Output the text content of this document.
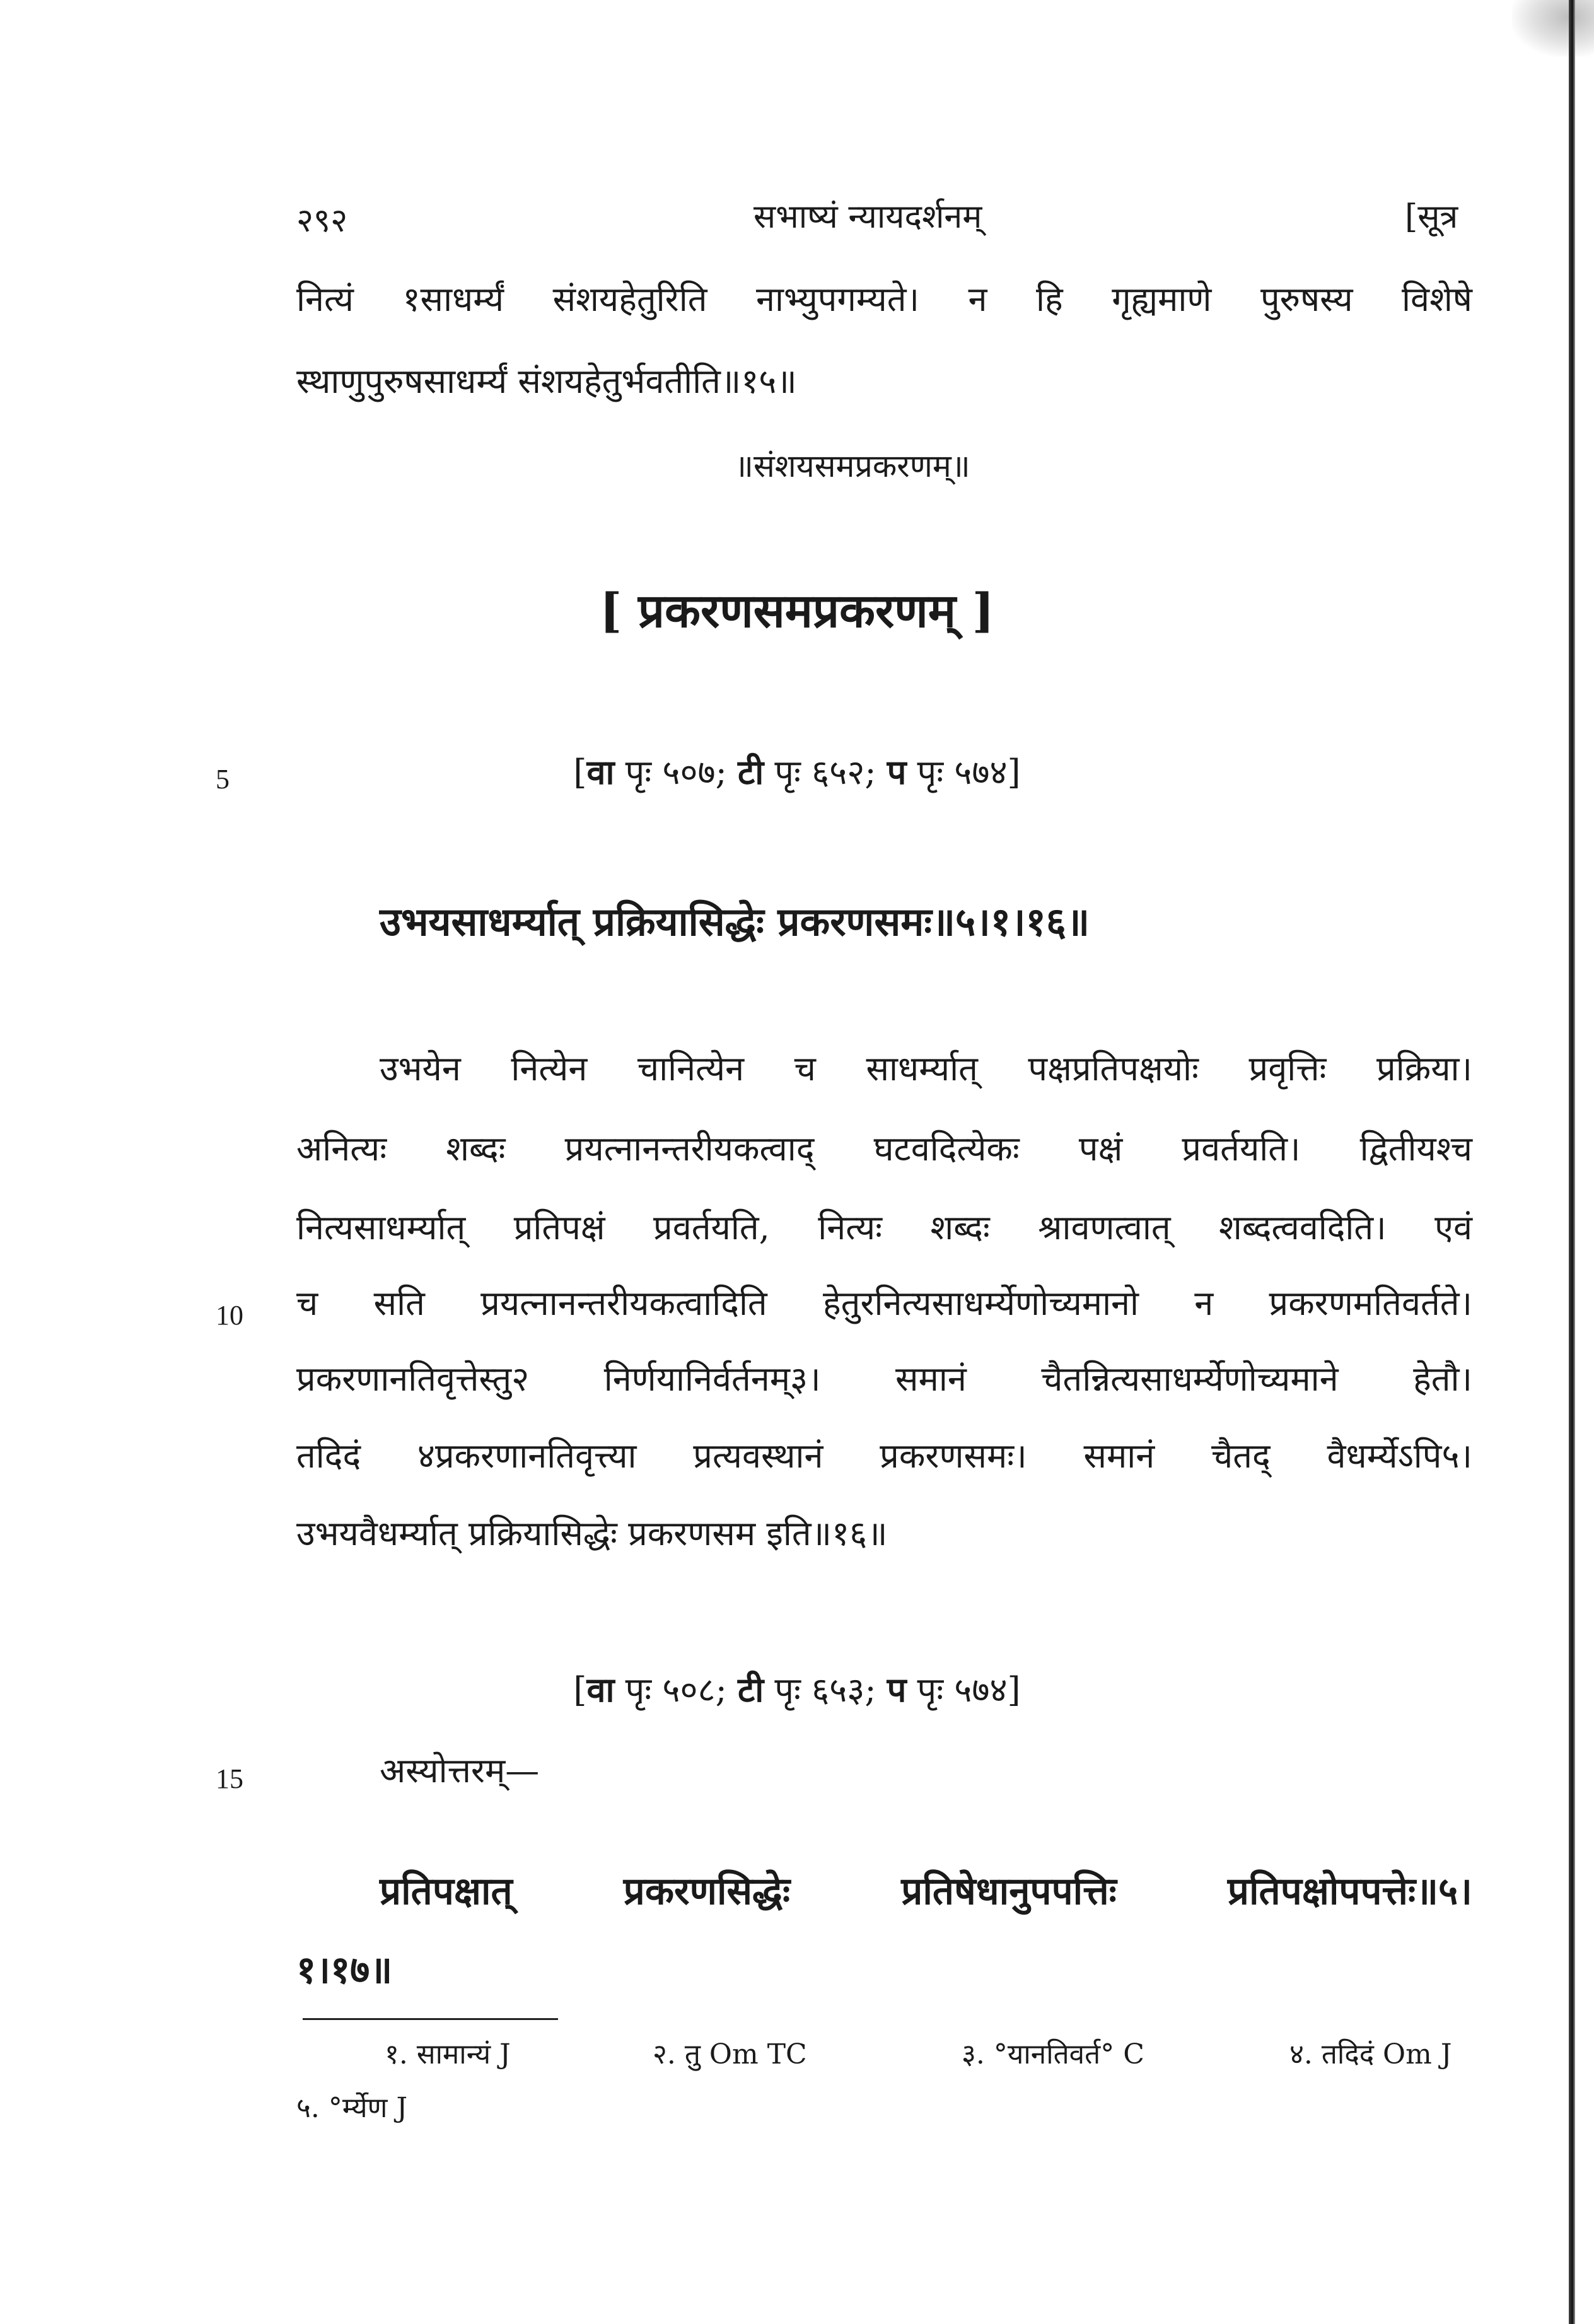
२९२	सभाष्यं न्यायदर्शनम्	[सूत्र
नित्यं १साधर्म्यं संशयहेतुरिति नाभ्युपगम्यते। न हि गृह्यमाणे पुरुषस्य विशेषे
स्थाणुपुरुषसाधर्म्यं संशयहेतुर्भवतीति॥१५॥
॥संशयसमप्रकरणम्॥
[ प्रकरणसमप्रकरणम् ]
5	[वा पृः ५०७; टी पृः ६५२; प पृः ५७४]
उभयसाधर्म्यात् प्रक्रियासिद्धेः प्रकरणसमः॥५।१।१६॥
उभयेन नित्येन चानित्येन च साधर्म्यात् पक्षप्रतिपक्षयोः प्रवृत्तिः प्रक्रिया।
अनित्यः शब्दः प्रयत्नानन्तरीयकत्वाद् घटवदित्येकः पक्षं प्रवर्तयति। द्वितीयश्च
नित्यसाधर्म्यात् प्रतिपक्षं प्रवर्तयति, नित्यः शब्दः श्रावणत्वात् शब्दत्ववदिति। एवं
10 च सति प्रयत्नानन्तरीयकत्वादिति हेतुरनित्यसाधर्म्येणोच्यमानो न प्रकरणमतिवर्तते।
प्रकरणानतिवृत्तेस्तु२ निर्णयानिर्वर्तनम्३। समानं चैतन्नित्यसाधर्म्येणोच्यमाने हेतौ।
तदिदं ४प्रकरणानतिवृत्त्या प्रत्यवस्थानं प्रकरणसमः। समानं चैतद् वैधर्म्येऽपि५।
उभयवैधर्म्यात् प्रक्रियासिद्धेः प्रकरणसम इति॥१६॥
[वा पृः ५०८; टी पृः ६५३; प पृः ५७४]
15	अस्योत्तरम्—
प्रतिपक्षात् प्रकरणसिद्धेः प्रतिषेधानुपपत्तिः प्रतिपक्षोपपत्तेः॥५।
१।१७॥
१. सामान्यं J	२. तु Om TC	३. °यानतिवर्त° C	४. तदिदं Om J
५. °र्म्येण J
